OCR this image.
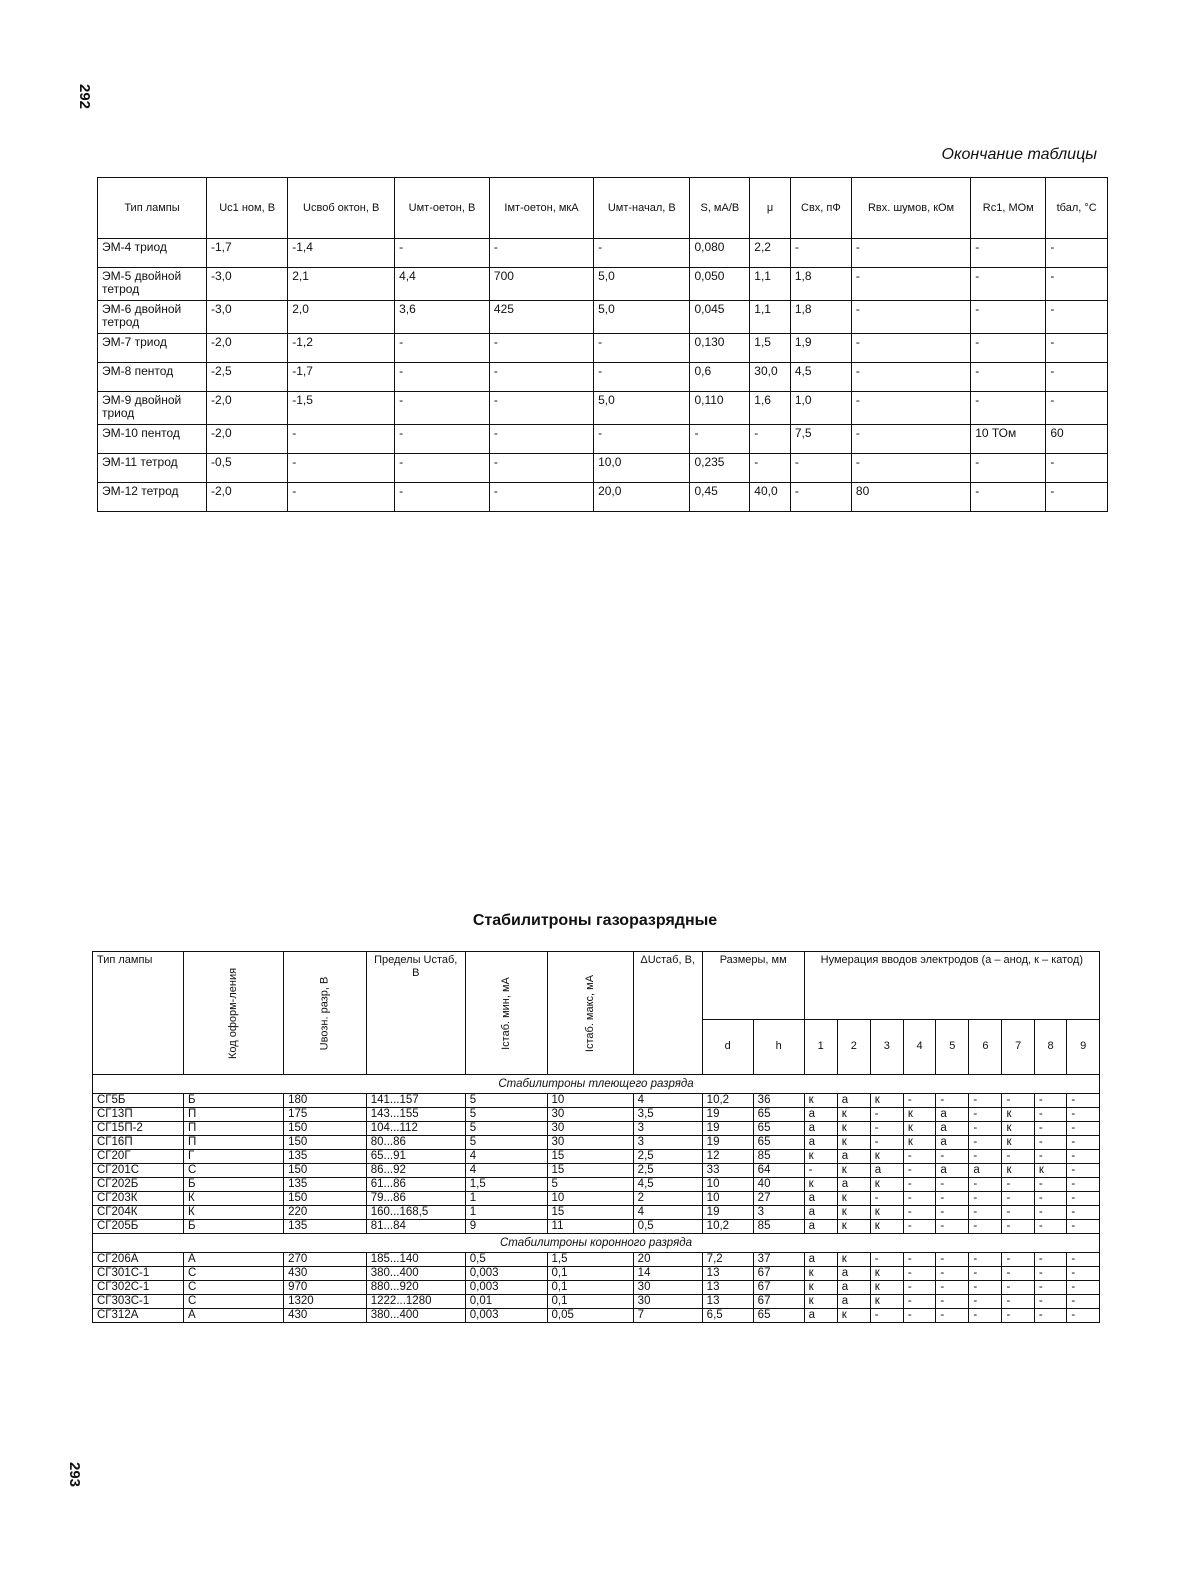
292
Окончание таблицы
Тип лампы	Uc1 ном, В	Uсвоб октон, В	Uмт-оетон, В	Iмт-оетон, мкА	Uмт-начал, В	S, мА/В	μ	Cвх, пФ	Rвх. шумов, кОм	Rc1, МОм	tбал, °C
ЭМ-4 триод	-1,7	-1,4	-	-	-	0,080	2,2	-	-	-	-
ЭМ-5 двойной тетрод	-3,0	2,1	4,4	700	5,0	0,050	1,1	1,8	-	-	-
ЭМ-6 двойной тетрод	-3,0	2,0	3,6	425	5,0	0,045	1,1	1,8	-	-	-
ЭМ-7 триод	-2,0	-1,2	-	-	-	0,130	1,5	1,9	-	-	-
ЭМ-8 пентод	-2,5	-1,7	-	-	-	0,6	30,0	4,5	-	-	-
ЭМ-9 двойной триод	-2,0	-1,5	-	-	5,0	0,110	1,6	1,0	-	-	-
ЭМ-10 пентод	-2,0	-	-	-	-	-	-	7,5	-	10 ТОм	60
ЭМ-11 тетрод	-0,5	-	-	-	10,0	0,235	-	-	-	-	-
ЭМ-12 тетрод	-2,0	-	-	-	20,0	0,45	40,0	-	80	-	-
Стабилитроны газоразрядные
Тип лампы	Код оформ-ления	Uвозн. разр, В	Пределы Uстаб, В	Iстаб. мин, мА	Iстаб. макс, мА	ΔUстаб, В,	Размеры, мм		Нумерация вводов электродов (а – анод, к – катод)								
							d	h	1	2	3	4	5	6	7	8	9
Стабилитроны тлеющего разряда																	
СГ5Б	Б	180	141...157	5	10	4	10,2	36	к	а	к	-	-	-	-	-	-
СГ13П	П	175	143...155	5	30	3,5	19	65	а	к	-	к	а	-	к	-	-
СГ15П-2	П	150	104...112	5	30	3	19	65	а	к	-	к	а	-	к	-	-
СГ16П	П	150	80...86	5	30	3	19	65	а	к	-	к	а	-	к	-	-
СГ20Г	Г	135	65...91	4	15	2,5	12	85	к	а	к	-	-	-	-	-	-
СГ201С	С	150	86...92	4	15	2,5	33	64	-	к	а	-	а	а	к	к	-
СГ202Б	Б	135	61...86	1,5	5	4,5	10	40	к	а	к	-	-	-	-	-	-
СГ203К	К	150	79...86	1	10	2	10	27	а	к	-	-	-	-	-	-	-
СГ204К	К	220	160...168,5	1	15	4	19	3	а	к	к	-	-	-	-	-	-
СГ205Б	Б	135	81...84	9	11	0,5	10,2	85	а	к	к	-	-	-	-	-	-
Стабилитроны коронного разряда																	
СГ206А	А	270	185...140	0,5	1,5	20	7,2	37	а	к	-	-	-	-	-	-	-
СГ301С-1	С	430	380...400	0,003	0,1	14	13	67	к	а	к	-	-	-	-	-	-
СГ302С-1	С	970	880...920	0,003	0,1	30	13	67	к	а	к	-	-	-	-	-	-
СГ303С-1	С	1320	1222...1280	0,01	0,1	30	13	67	к	а	к	-	-	-	-	-	-
СГ312А	А	430	380...400	0,003	0,05	7	6,5	65	а	к	-	-	-	-	-	-	-
293
